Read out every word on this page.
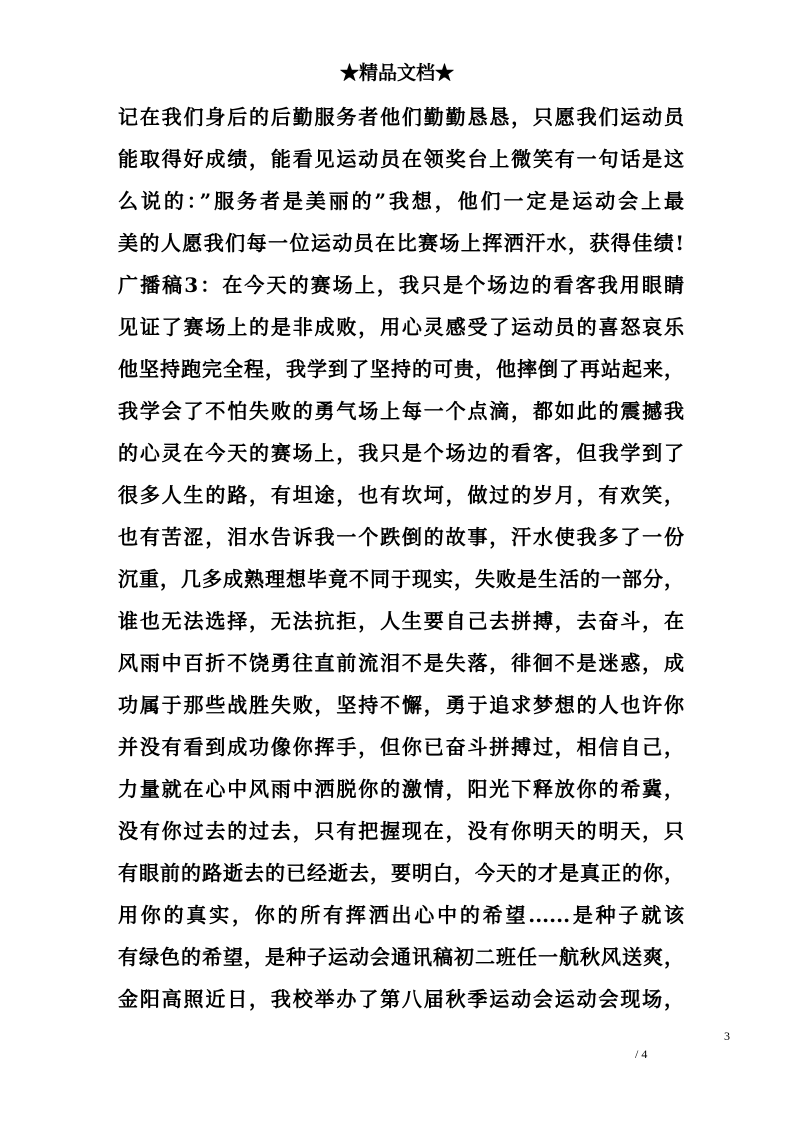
★精品文档★
记在我们身后的后勤服务者他们勤勤恳恳，只愿我们运动员
能取得好成绩，能看见运动员在领奖台上微笑有一句话是这
么说的：”服务者是美丽的”我想，他们一定是运动会上最
美的人愿我们每一位运动员在比赛场上挥洒汗水，获得佳绩!
广播稿3：在今天的赛场上，我只是个场边的看客我用眼睛
见证了赛场上的是非成败，用心灵感受了运动员的喜怒哀乐
他坚持跑完全程，我学到了坚持的可贵，他摔倒了再站起来，
我学会了不怕失败的勇气场上每一个点滴，都如此的震撼我
的心灵在今天的赛场上，我只是个场边的看客，但我学到了
很多人生的路，有坦途，也有坎坷，做过的岁月，有欢笑，
也有苦涩，泪水告诉我一个跌倒的故事，汗水使我多了一份
沉重，几多成熟理想毕竟不同于现实，失败是生活的一部分，
谁也无法选择，无法抗拒，人生要自己去拼搏，去奋斗，在
风雨中百折不饶勇往直前流泪不是失落，徘徊不是迷惑，成
功属于那些战胜失败，坚持不懈，勇于追求梦想的人也许你
并没有看到成功像你挥手，但你已奋斗拼搏过，相信自己，
力量就在心中风雨中洒脱你的激情，阳光下释放你的希冀，
没有你过去的过去，只有把握现在，没有你明天的明天，只
有眼前的路逝去的已经逝去，要明白，今天的才是真正的你，
用你的真实，你的所有挥洒出心中的希望......是种子就该
有绿色的希望，是种子运动会通讯稿初二班任一航秋风送爽，
金阳高照近日，我校举办了第八届秋季运动会运动会现场，
3
/ 4
